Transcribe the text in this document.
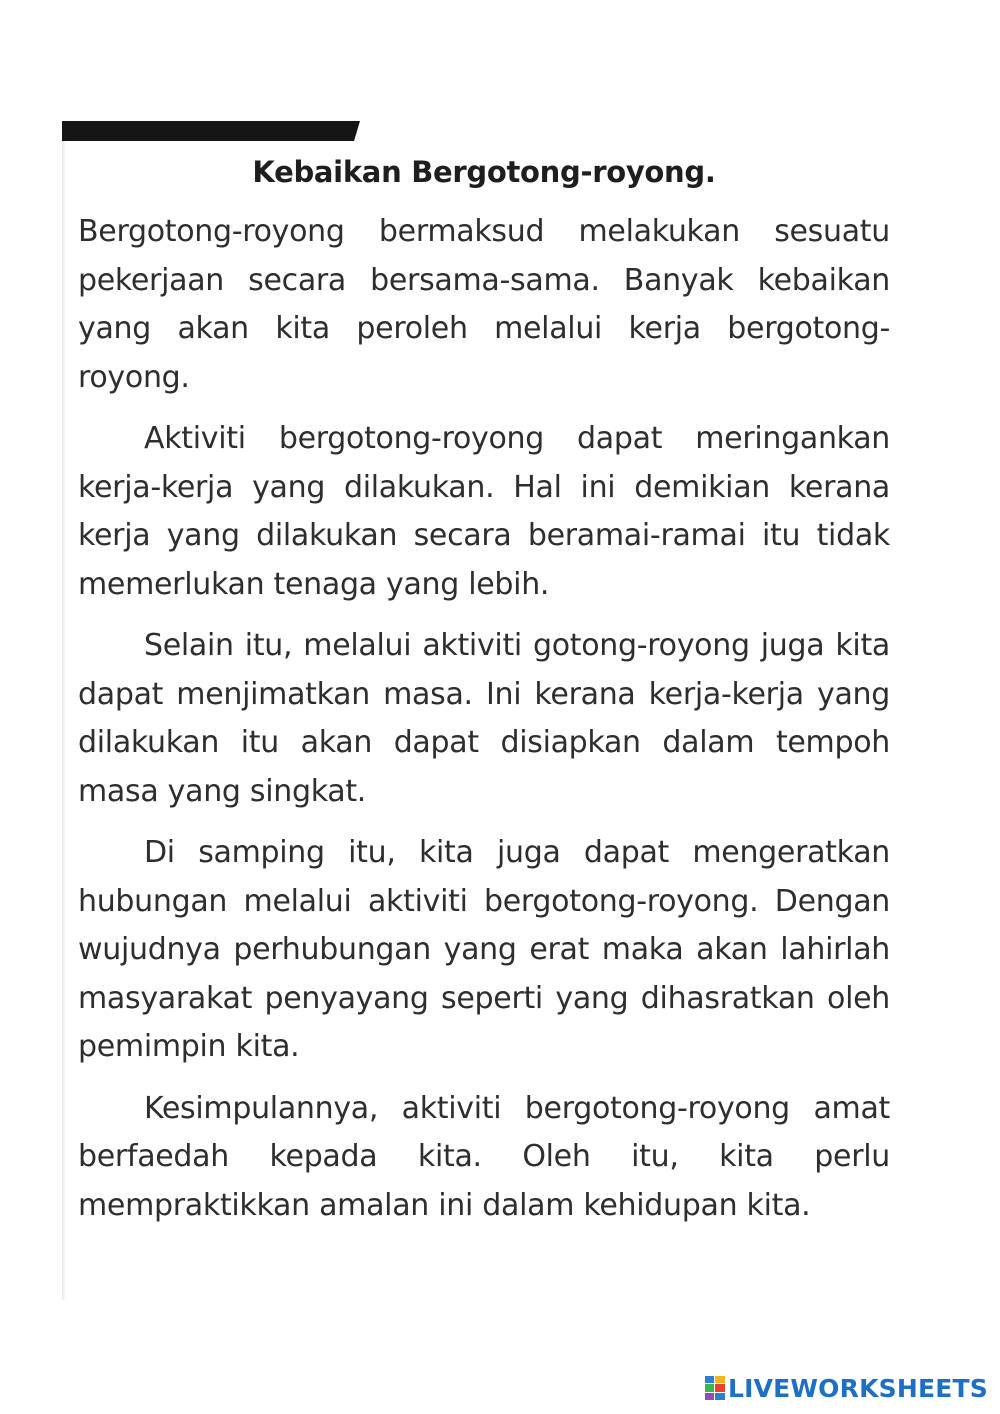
Kebaikan Bergotong-royong.

Bergotong-royong bermaksud melakukan sesuatu pekerjaan secara bersama-sama. Banyak kebaikan yang akan kita peroleh melalui kerja bergotong-royong.

Aktiviti bergotong-royong dapat meringankan kerja-kerja yang dilakukan. Hal ini demikian kerana kerja yang dilakukan secara beramai-ramai itu tidak memerlukan tenaga yang lebih.

Selain itu, melalui aktiviti gotong-royong juga kita dapat menjimatkan masa. Ini kerana kerja-kerja yang dilakukan itu akan dapat disiapkan dalam tempoh masa yang singkat.

Di samping itu, kita juga dapat mengeratkan hubungan melalui aktiviti bergotong-royong. Dengan wujudnya perhubungan yang erat maka akan lahirlah masyarakat penyayang seperti yang dihasratkan oleh pemimpin kita.

Kesimpulannya, aktiviti bergotong-royong amat berfaedah kepada kita. Oleh itu, kita perlu mempraktikkan amalan ini dalam kehidupan kita.

LIVEWORKSHEETS
